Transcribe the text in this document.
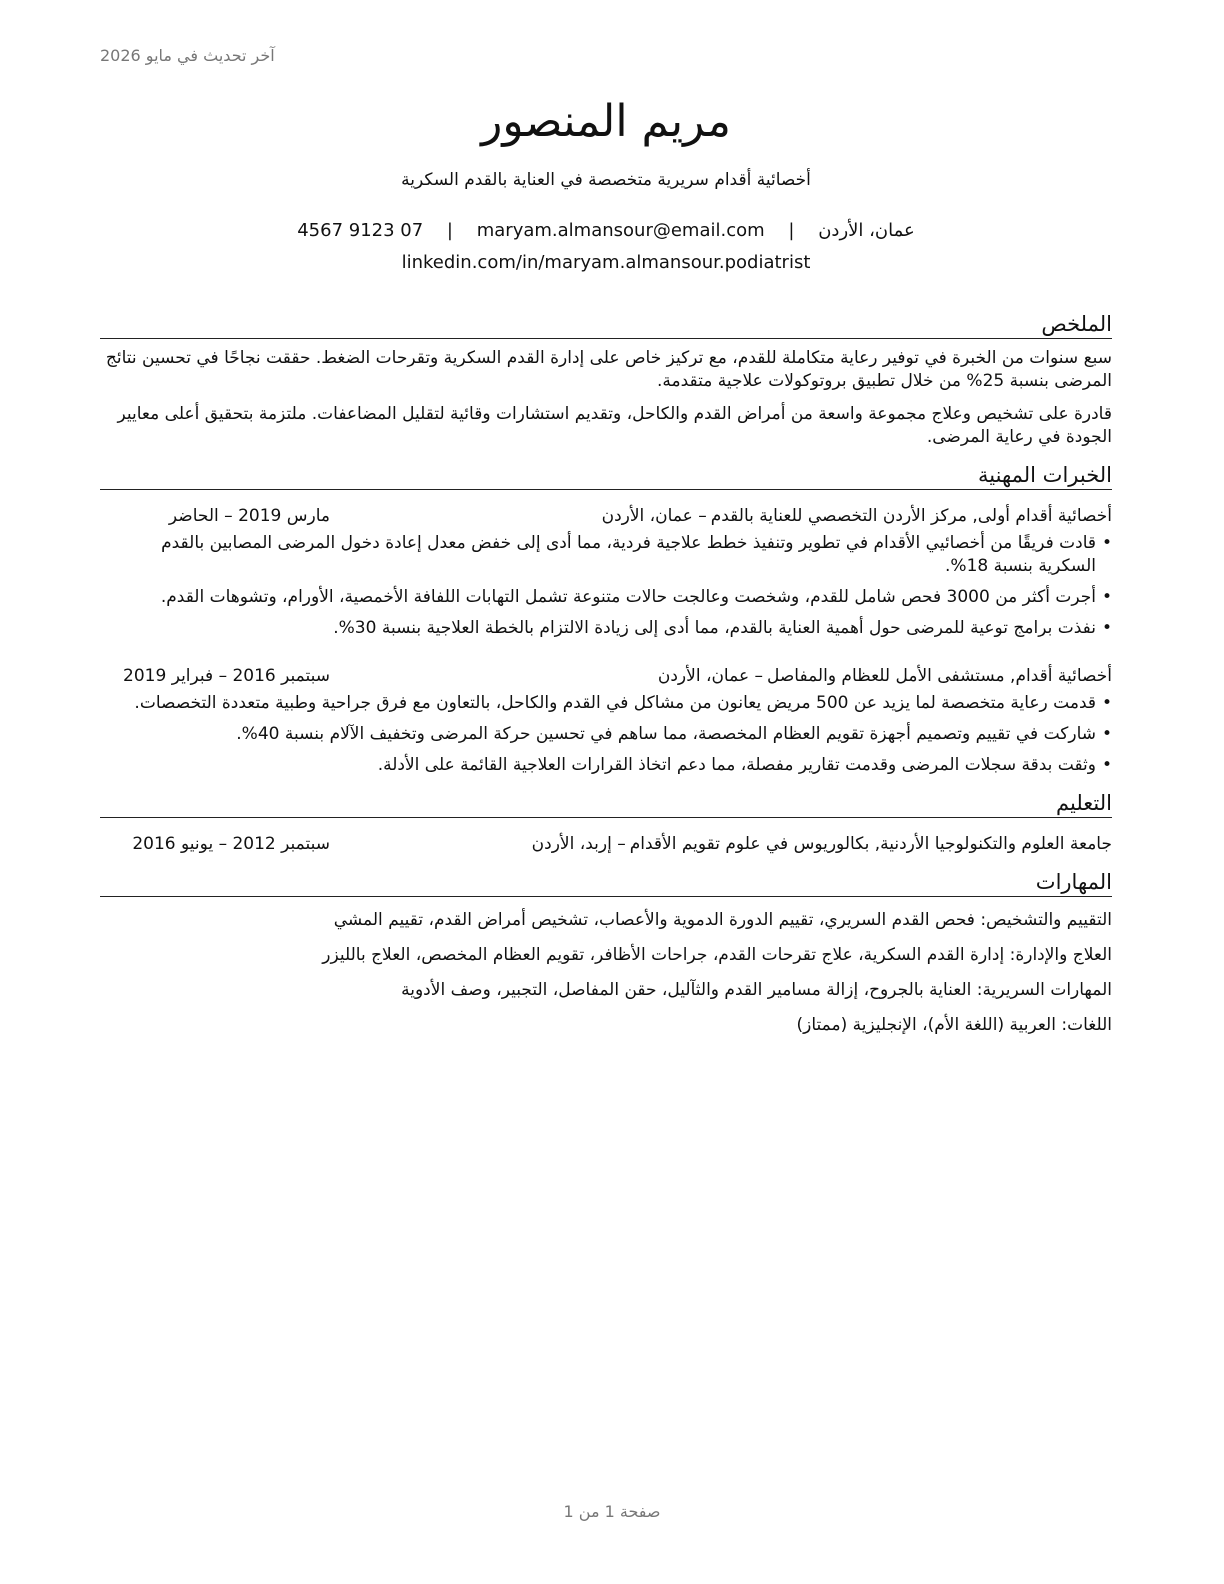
آخر تحديث في مايو 2026
مريم المنصور
أخصائية أقدام سريرية متخصصة في العناية بالقدم السكرية
عمان، الأردن | maryam.almansour@email.com | 4567 9123 07
linkedin.com/in/maryam.almansour.podiatrist
الملخص

سبع سنوات من الخبرة في توفير رعاية متكاملة للقدم، مع تركيز خاص على إدارة القدم السكرية وتقرحات الضغط. حققت نجاحًا في تحسين نتائج المرضى بنسبة 25% من خلال تطبيق بروتوكولات علاجية متقدمة.

قادرة على تشخيص وعلاج مجموعة واسعة من أمراض القدم والكاحل، وتقديم استشارات وقائية لتقليل المضاعفات. ملتزمة بتحقيق أعلى معايير الجودة في رعاية المرضى.

الخبرات المهنية
أخصائية أقدام أولى, مركز الأردن التخصصي للعناية بالقدم
– عمان، الأردن
مارس 2019 – الحاضر
• قادت فريقًا من أخصائيي الأقدام في تطوير وتنفيذ خطط علاجية فردية، مما أدى إلى خفض معدل إعادة دخول المرضى المصابين بالقدم السكرية بنسبة 18%.
• أجرت أكثر من 3000 فحص شامل للقدم، وشخصت وعالجت حالات متنوعة تشمل التهابات اللفافة الأخمصية، الأورام، وتشوهات القدم.
• نفذت برامج توعية للمرضى حول أهمية العناية بالقدم، مما أدى إلى زيادة الالتزام بالخطة العلاجية بنسبة 30%.
أخصائية أقدام, مستشفى الأمل للعظام والمفاصل
– عمان، الأردن
سبتمبر 2016 – فبراير 2019
• قدمت رعاية متخصصة لما يزيد عن 500 مريض يعانون من مشاكل في القدم والكاحل، بالتعاون مع فرق جراحية وطبية متعددة التخصصات.
• شاركت في تقييم وتصميم أجهزة تقويم العظام المخصصة، مما ساهم في تحسين حركة المرضى وتخفيف الآلام بنسبة 40%.
• وثقت بدقة سجلات المرضى وقدمت تقارير مفصلة، مما دعم اتخاذ القرارات العلاجية القائمة على الأدلة.
التعليم
جامعة العلوم والتكنولوجيا الأردنية, بكالوريوس في علوم تقويم الأقدام
– إربد، الأردن
سبتمبر 2012 – يونيو 2016
المهارات
التقييم والتشخيص: فحص القدم السريري، تقييم الدورة الدموية والأعصاب، تشخيص أمراض القدم، تقييم المشي
العلاج والإدارة: إدارة القدم السكرية، علاج تقرحات القدم، جراحات الأظافر، تقويم العظام المخصص، العلاج بالليزر
المهارات السريرية: العناية بالجروح، إزالة مسامير القدم والثآليل، حقن المفاصل، التجبير، وصف الأدوية
اللغات: العربية (اللغة الأم)، الإنجليزية (ممتاز)
صفحة 1 من 1
